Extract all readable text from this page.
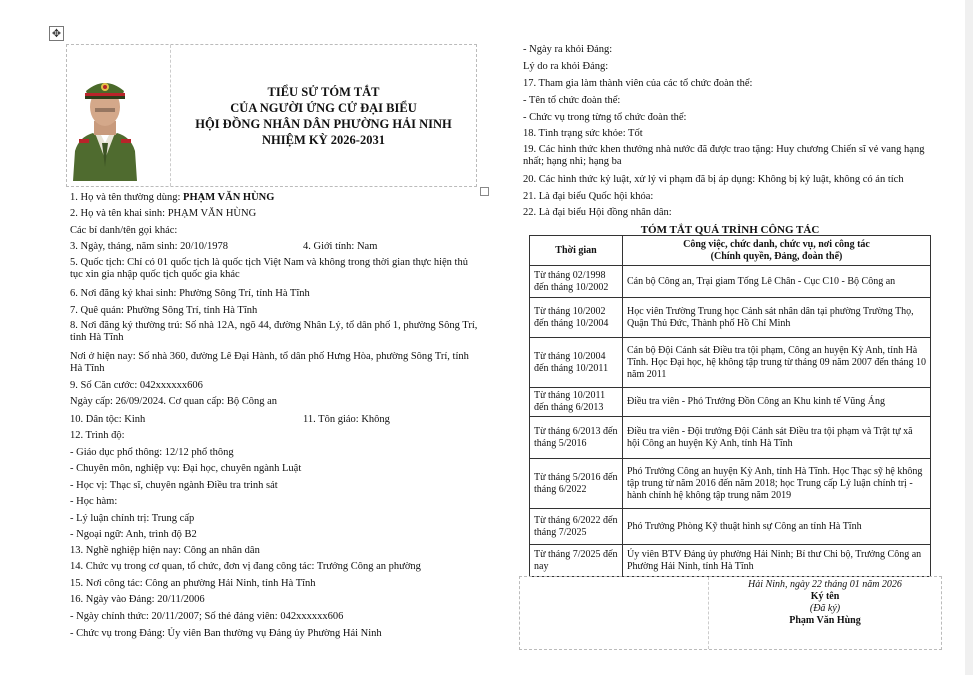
✥
TIỂU SỬ TÓM TẮT
CỦA NGƯỜI ỨNG CỬ ĐẠI BIỂU
HỘI ĐỒNG NHÂN DÂN PHƯỜNG HẢI NINH
NHIỆM KỲ 2026-2031
1. Họ và tên thường dùng: PHẠM VĂN HÙNG
2. Họ và tên khai sinh: PHẠM VĂN HÙNG
Các bí danh/tên gọi khác:
3. Ngày, tháng, năm sinh: 20/10/1978	4. Giới tính: Nam
5. Quốc tịch: Chỉ có 01 quốc tịch là quốc tịch Việt Nam và không trong thời gian thực hiện thủ tục xin gia nhập quốc tịch quốc gia khác
6. Nơi đăng ký khai sinh: Phường Sông Trí, tỉnh Hà Tĩnh
7. Quê quán: Phường Sông Trí, tỉnh Hà Tĩnh
8. Nơi đăng ký thường trú: Số nhà 12A, ngõ 44, đường Nhân Lý, tổ dân phố 1, phường Sông Trí, tỉnh Hà Tĩnh
Nơi ở hiện nay: Số nhà 360, đường Lê Đại Hành, tổ dân phố Hưng Hòa, phường Sông Trí, tỉnh Hà Tĩnh
9. Số Căn cước: 042xxxxxx606
Ngày cấp: 26/09/2024. Cơ quan cấp: Bộ Công an
10. Dân tộc: Kinh	11. Tôn giáo: Không
12. Trình độ:
- Giáo dục phổ thông: 12/12 phổ thông
- Chuyên môn, nghiệp vụ: Đại học, chuyên ngành Luật
- Học vị: Thạc sĩ, chuyên ngành Điều tra trinh sát
- Học hàm:
- Lý luận chính trị: Trung cấp
- Ngoại ngữ: Anh, trình độ B2
13. Nghề nghiệp hiện nay: Công an nhân dân
14. Chức vụ trong cơ quan, tổ chức, đơn vị đang công tác: Trưởng Công an phường
15. Nơi công tác: Công an phường Hải Ninh, tỉnh Hà Tĩnh
16. Ngày vào Đảng: 20/11/2006
- Ngày chính thức: 20/11/2007; Số thẻ đảng viên: 042xxxxxx606
- Chức vụ trong Đảng: Ủy viên Ban thường vụ Đảng ủy Phường Hải Ninh
- Ngày ra khỏi Đảng:
Lý do ra khỏi Đảng:
17. Tham gia làm thành viên của các tổ chức đoàn thể:
- Tên tổ chức đoàn thể:
- Chức vụ trong từng tổ chức đoàn thể:
18. Tình trạng sức khỏe: Tốt
19. Các hình thức khen thưởng nhà nước đã được trao tặng: Huy chương Chiến sĩ vẻ vang hạng nhất; hạng nhì; hạng ba
20. Các hình thức kỷ luật, xử lý vi phạm đã bị áp dụng: Không bị kỷ luật, không có án tích
21. Là đại biểu Quốc hội khóa:
22. Là đại biểu Hội đồng nhân dân:
TÓM TẮT QUÁ TRÌNH CÔNG TÁC
Thời gian	Công việc, chức danh, chức vụ, nơi công tác
(Chính quyền, Đảng, đoàn thể)

Từ tháng 02/1998 đến tháng 10/2002	Cán bộ Công an, Trại giam Tống Lê Chân - Cục C10 - Bộ Công an
Từ tháng 10/2002 đến tháng 10/2004	Học viên Trường Trung học Cảnh sát nhân dân tại phường Trường Thọ, Quận Thủ Đức, Thành phố Hồ Chí Minh
Từ tháng 10/2004 đến tháng 10/2011	Cán bộ Đội Cảnh sát Điều tra tội phạm, Công an huyện Kỳ Anh, tỉnh Hà Tĩnh. Học Đại học, hệ không tập trung từ tháng 09 năm 2007 đến tháng 10 năm 2011
Từ tháng 10/2011 đến tháng 6/2013	Điều tra viên - Phó Trưởng Đồn Công an Khu kinh tế Vũng Áng
Từ tháng 6/2013 đến tháng 5/2016	Điều tra viên - Đội trưởng Đội Cảnh sát Điều tra tội phạm và Trật tự xã hội Công an huyện Kỳ Anh, tỉnh Hà Tĩnh
Từ tháng 5/2016 đến tháng 6/2022	Phó Trưởng Công an huyện Kỳ Anh, tỉnh Hà Tĩnh. Học Thạc sỹ hệ không tập trung từ năm 2016 đến năm 2018; học Trung cấp Lý luận chính trị - hành chính hệ không tập trung năm 2019
Từ tháng 6/2022 đến tháng 7/2025	Phó Trưởng Phòng Kỹ thuật hình sự Công an tỉnh Hà Tĩnh
Từ tháng 7/2025 đến nay	Ủy viên BTV Đảng ủy phường Hải Ninh; Bí thư Chi bộ, Trưởng Công an Phường Hải Ninh, tỉnh Hà Tĩnh
Hải Ninh, ngày 22 tháng 01 năm 2026
Ký tên
(Đã ký)
Phạm Văn Hùng
